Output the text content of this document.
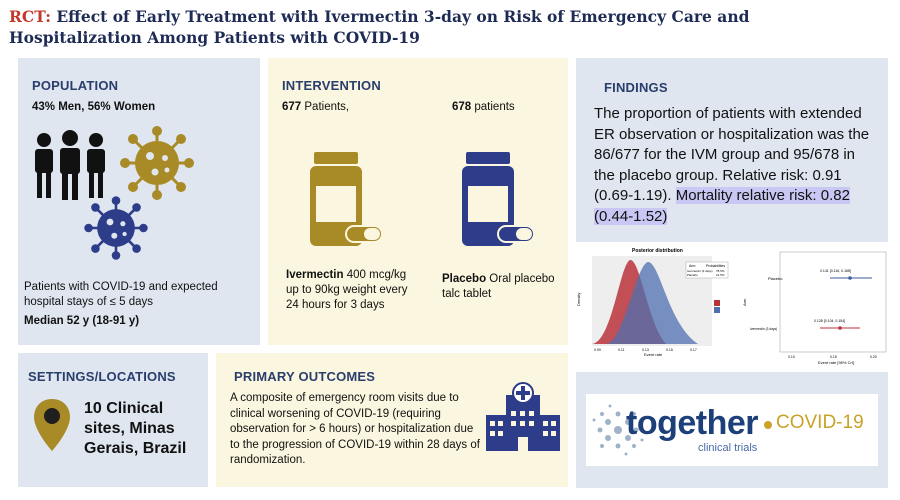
RCT: Effect of Early Treatment with Ivermectin 3-day on Risk of Emergency Care and
Hospitalization Among Patients with COVID-19
POPULATION
43% Men, 56% Women
Patients with COVID-19 and expected hospital stays of ≤ 5 days
Median 52 y (18-91 y)
INTERVENTION
677 Patients,	678 patients
Ivermectin 400 mcg/kg up to 90kg weight every 24 hours for 3 days
Placebo Oral placebo talc tablet
FINDINGS
The proportion of patients with extended ER observation or hospitalization was the 86/677 for the IVM group and 95/678 in the placebo group. Relative risk: 0.91 (0.69-1.19). Mortality relative risk: 0.82 (0.44-1.52)
Posterior distribution
Arm	Probabilities
Ivermectin (3 days) 78.5%
Placebo	21.5%
Density
0.09	0.11	0.13	0.15	0.17
Event rate
Placebo
Ivermectin (3 days)
Arm
0.141 [0.116, 0.168]
0.128 [0.104, 0.154]
0.10	0.15	0.20
Event rate [95% CrI]
SETTINGS/LOCATIONS
10 Clinical sites, Minas Gerais, Brazil
PRIMARY OUTCOMES
A composite of emergency room visits due to clinical worsening of COVID-19 (requiring observation for > 6 hours) or hospitalization due to the progression of COVID-19 within 28 days of randomization.
together COVID-19
clinical trials
